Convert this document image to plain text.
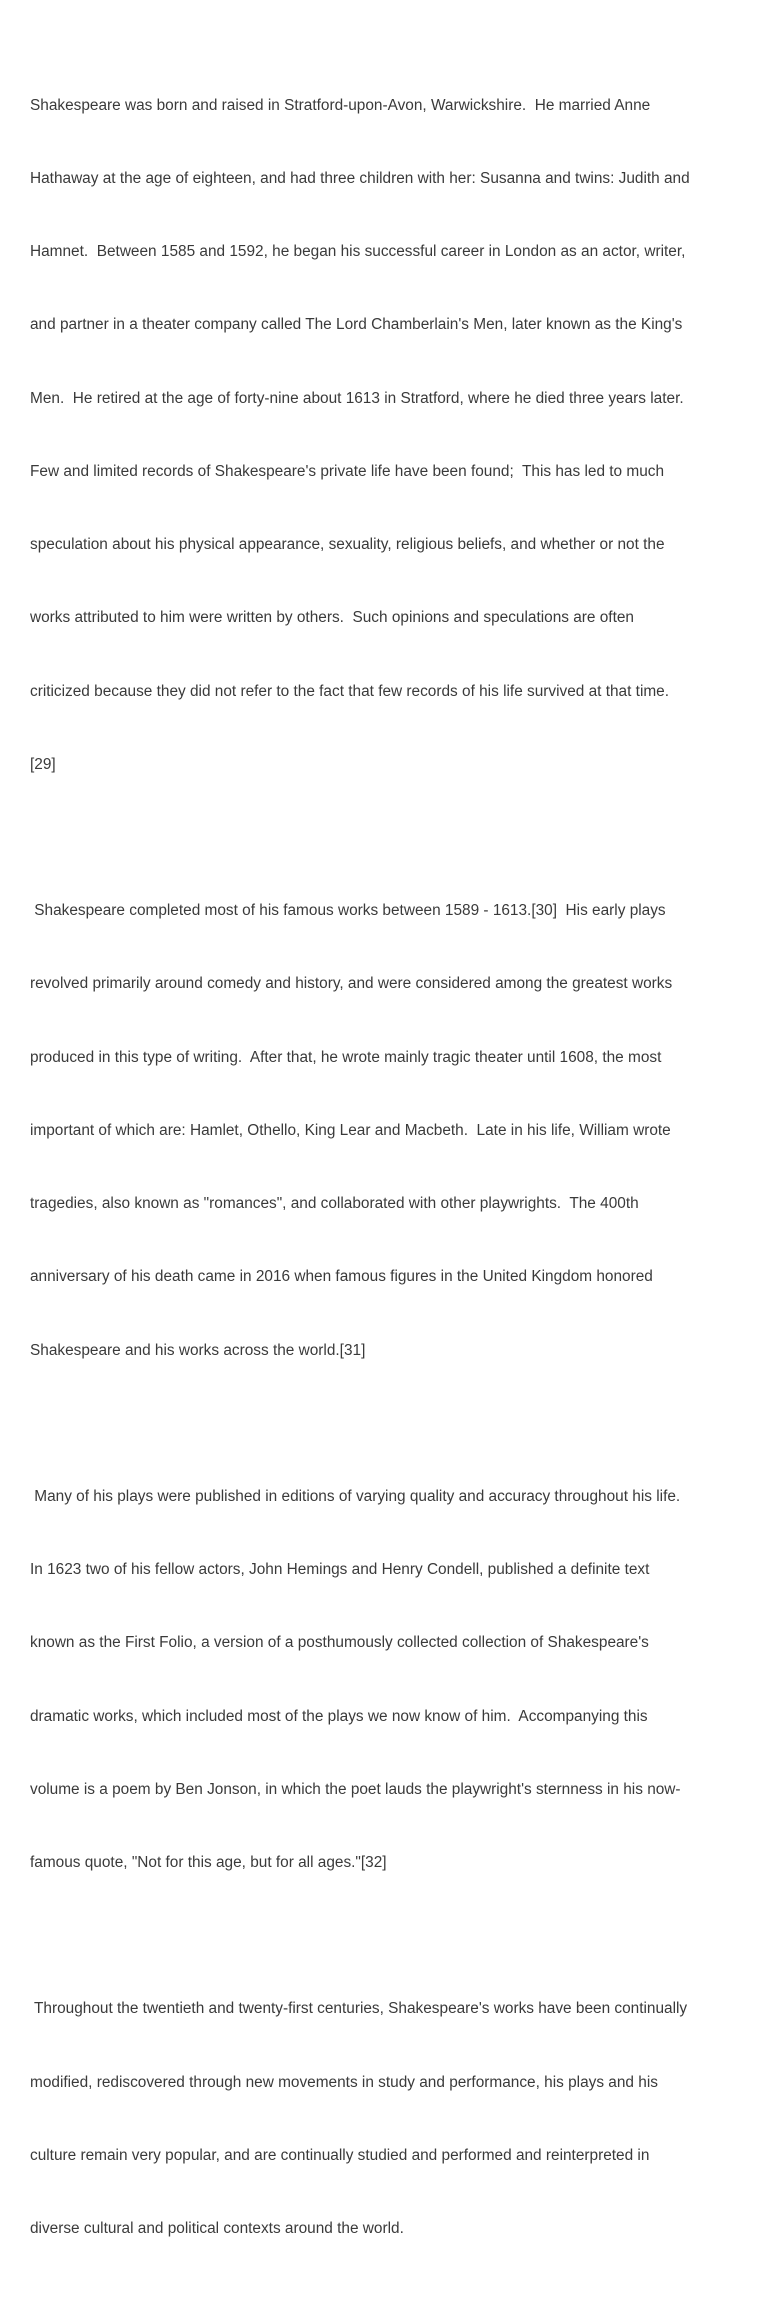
Shakespeare was born and raised in Stratford-upon-Avon, Warwickshire.  He married Anne

Hathaway at the age of eighteen, and had three children with her: Susanna and twins: Judith and

Hamnet.  Between 1585 and 1592, he began his successful career in London as an actor, writer,

and partner in a theater company called The Lord Chamberlain's Men, later known as the King's

Men.  He retired at the age of forty-nine about 1613 in Stratford, where he died three years later.

Few and limited records of Shakespeare's private life have been found;  This has led to much

speculation about his physical appearance, sexuality, religious beliefs, and whether or not the

works attributed to him were written by others.  Such opinions and speculations are often

criticized because they did not refer to the fact that few records of his life survived at that time.

[29]

Shakespeare completed most of his famous works between 1589 - 1613.[30]  His early plays

revolved primarily around comedy and history, and were considered among the greatest works

produced in this type of writing.  After that, he wrote mainly tragic theater until 1608, the most

important of which are: Hamlet, Othello, King Lear and Macbeth.  Late in his life, William wrote

tragedies, also known as "romances", and collaborated with other playwrights.  The 400th

anniversary of his death came in 2016 when famous figures in the United Kingdom honored

Shakespeare and his works across the world.[31]

Many of his plays were published in editions of varying quality and accuracy throughout his life.

In 1623 two of his fellow actors, John Hemings and Henry Condell, published a definite text

known as the First Folio, a version of a posthumously collected collection of Shakespeare's

dramatic works, which included most of the plays we now know of him.  Accompanying this

volume is a poem by Ben Jonson, in which the poet lauds the playwright's sternness in his now-

famous quote, "Not for this age, but for all ages."[32]

Throughout the twentieth and twenty-first centuries, Shakespeare's works have been continually

modified, rediscovered through new movements in study and performance, his plays and his

culture remain very popular, and are continually studied and performed and reinterpreted in

diverse cultural and political contexts around the world.
